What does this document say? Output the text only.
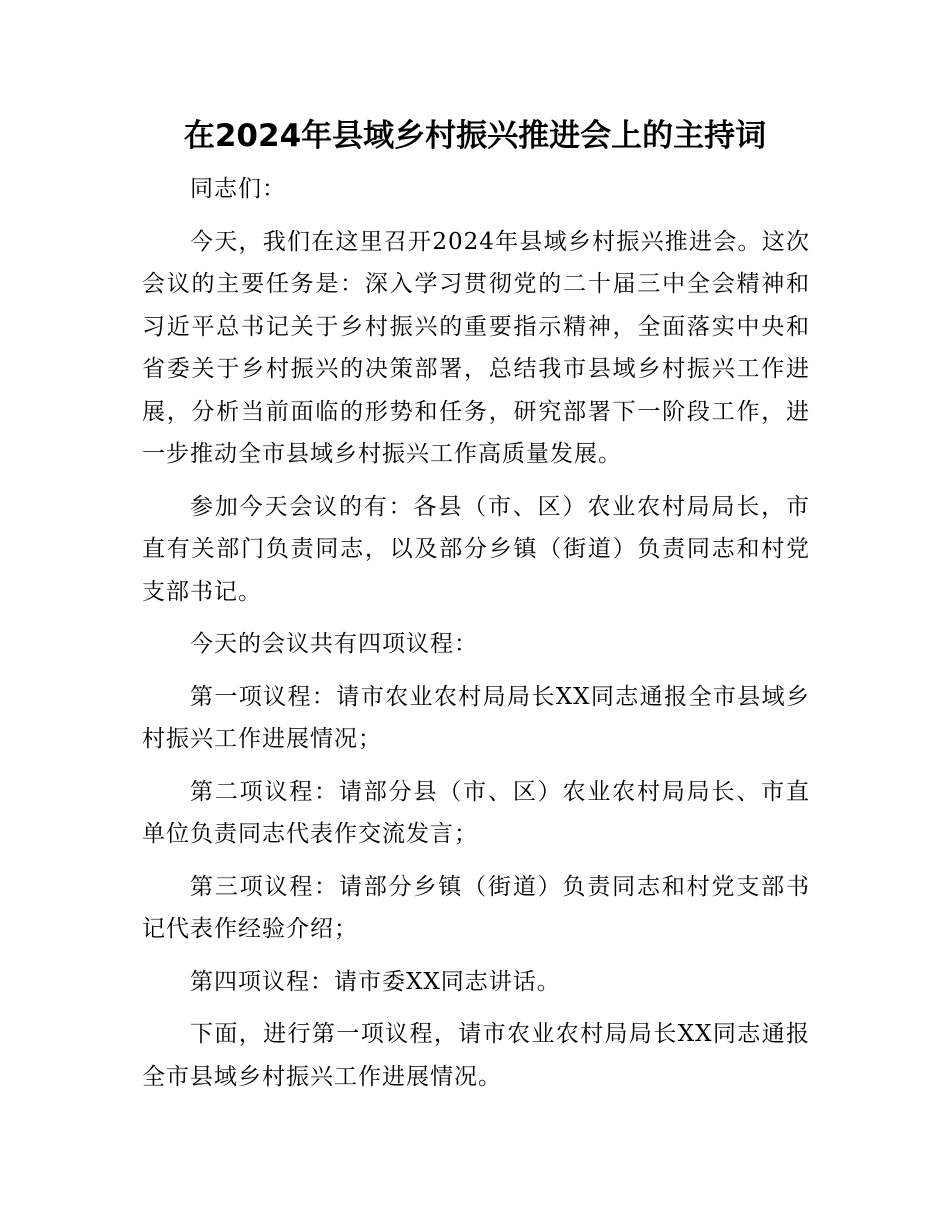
在2024年县域乡村振兴推进会上的主持词

同志们：

今天，我们在这里召开2024年县域乡村振兴推进会。这次会议的主要任务是：深入学习贯彻党的二十届三中全会精神和习近平总书记关于乡村振兴的重要指示精神，全面落实中央和省委关于乡村振兴的决策部署，总结我市县域乡村振兴工作进展，分析当前面临的形势和任务，研究部署下一阶段工作，进一步推动全市县域乡村振兴工作高质量发展。

参加今天会议的有：各县（市、区）农业农村局局长，市直有关部门负责同志，以及部分乡镇（街道）负责同志和村党支部书记。

今天的会议共有四项议程：

第一项议程：请市农业农村局局长XX同志通报全市县域乡村振兴工作进展情况；

第二项议程：请部分县（市、区）农业农村局局长、市直单位负责同志代表作交流发言；

第三项议程：请部分乡镇（街道）负责同志和村党支部书记代表作经验介绍；

第四项议程：请市委XX同志讲话。

下面，进行第一项议程，请市农业农村局局长XX同志通报全市县域乡村振兴工作进展情况。
